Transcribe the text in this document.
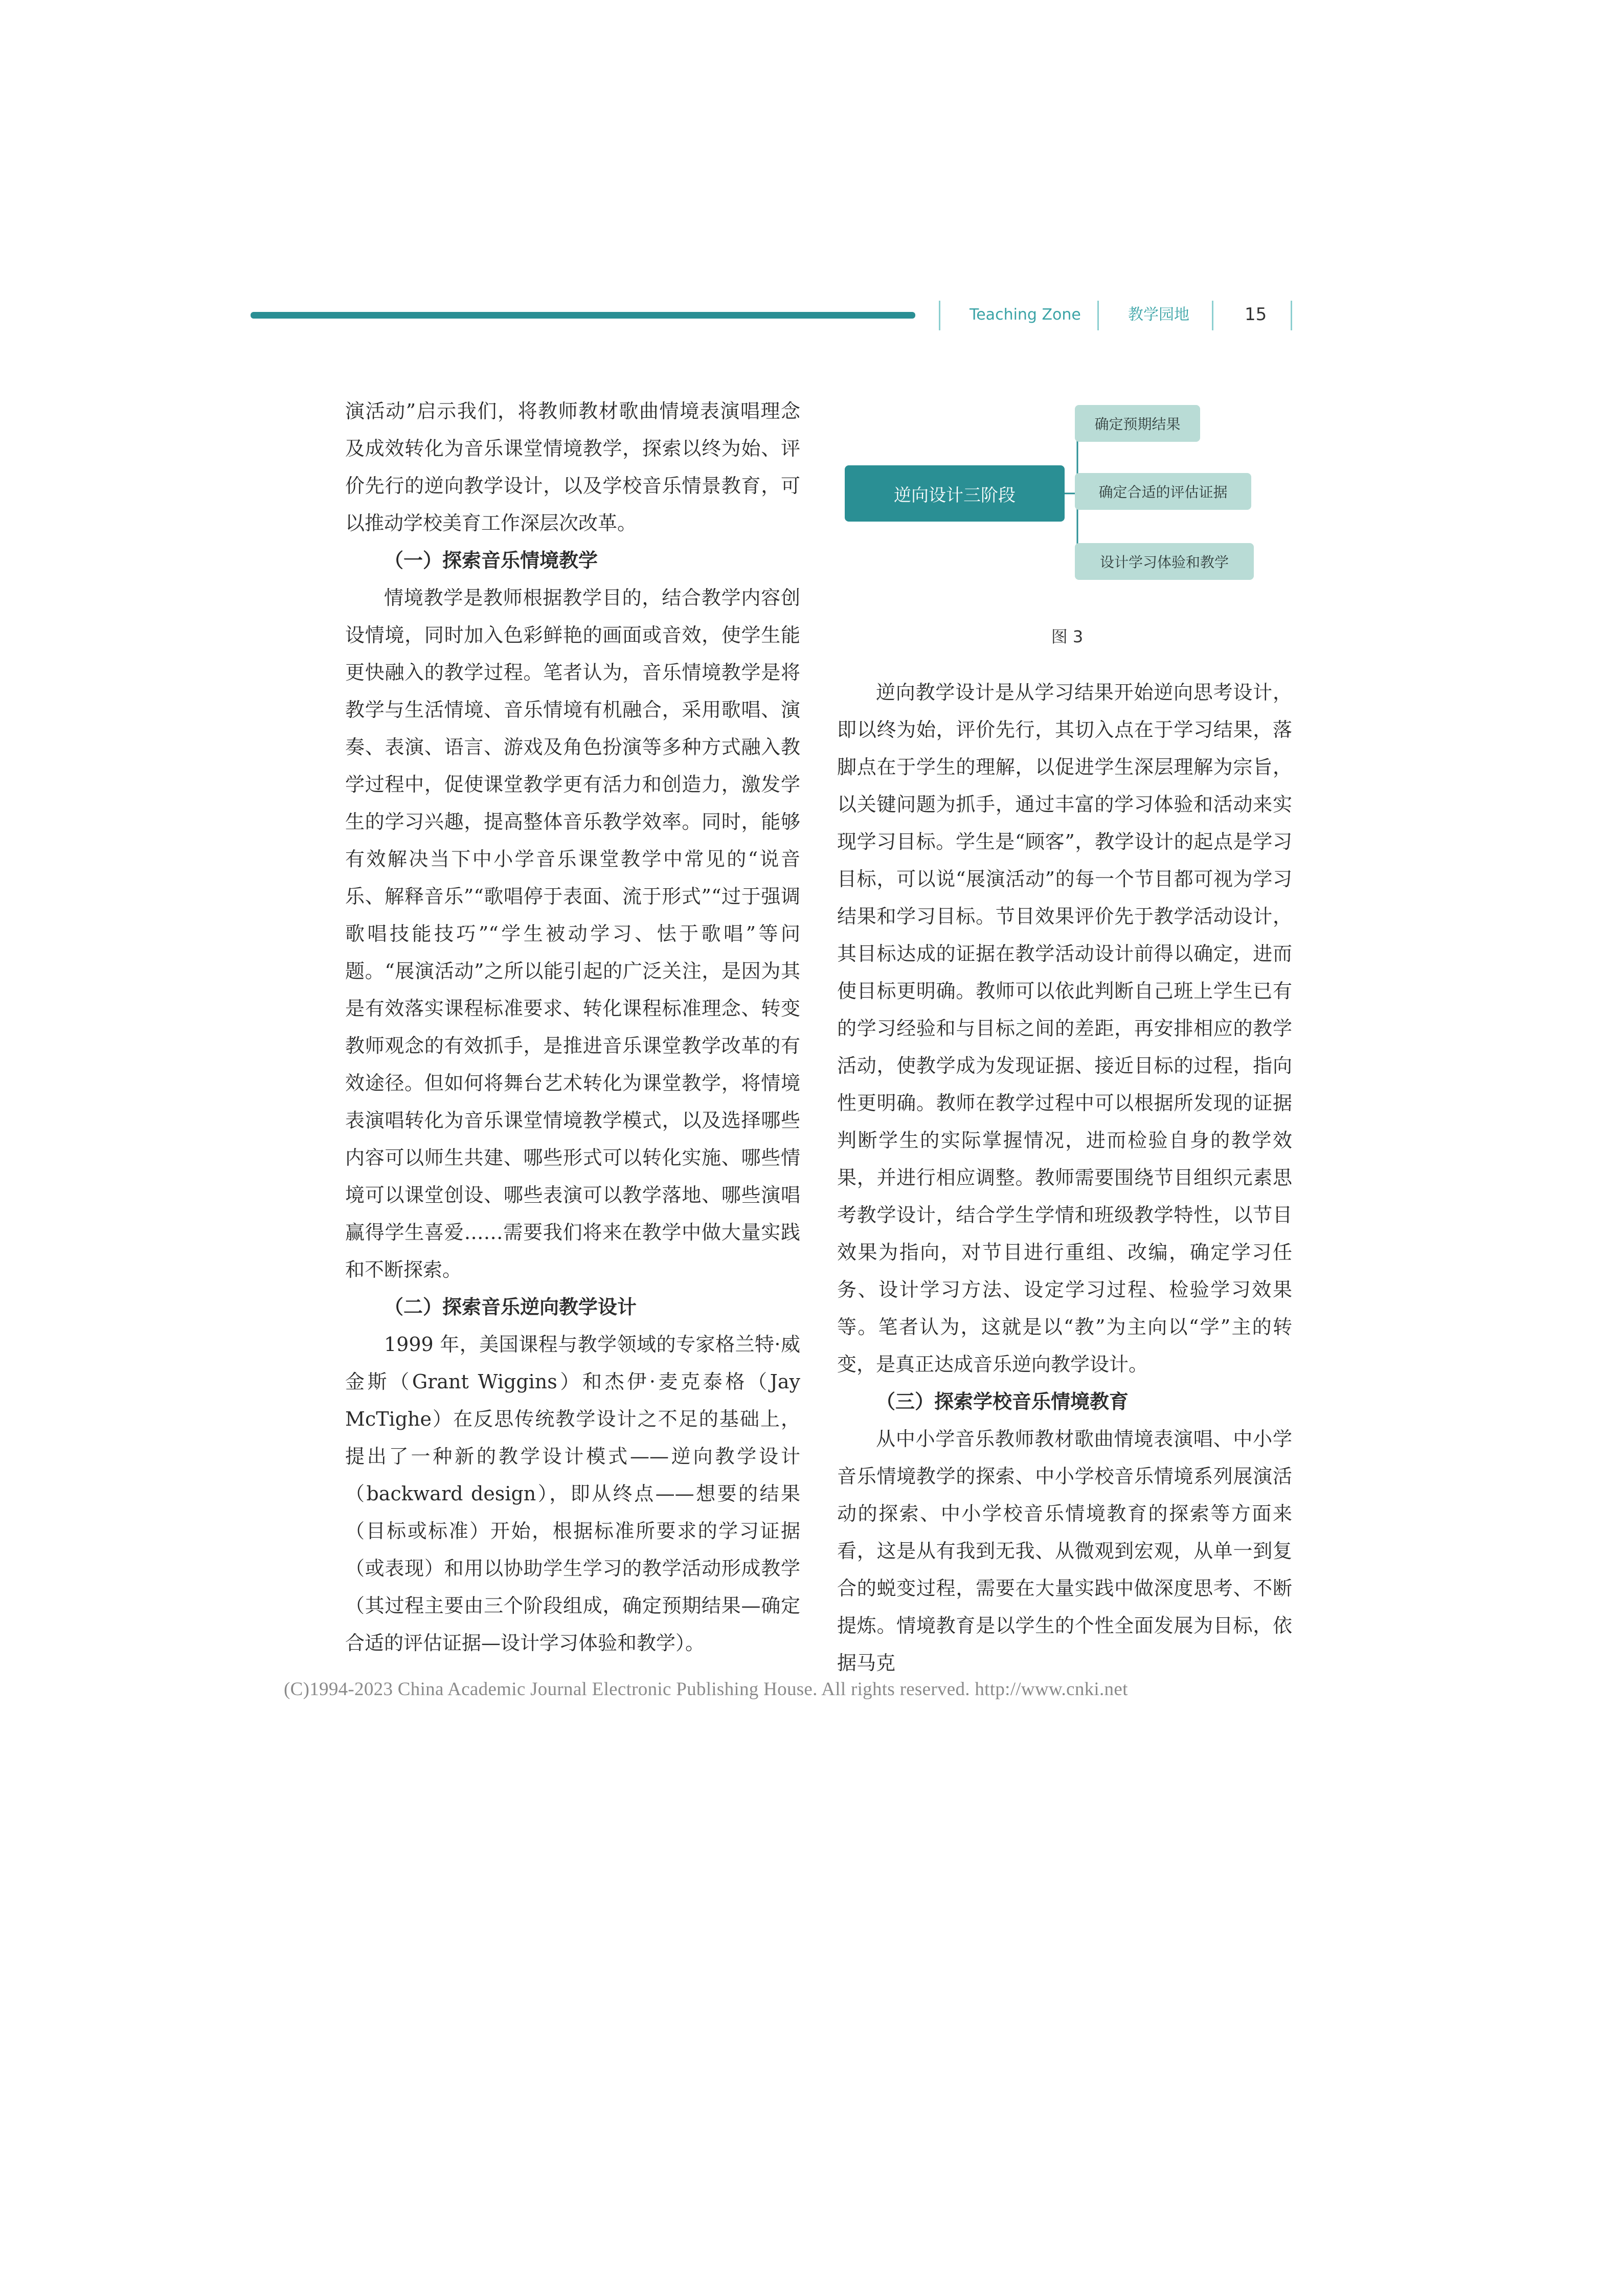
Teaching Zone	教学园地	15

演活动”启示我们，将教师教材歌曲情境表演唱理念及成效转化为音乐课堂情境教学，探索以终为始、评价先行的逆向教学设计，以及学校音乐情景教育，可以推动学校美育工作深层次改革。

（一）探索音乐情境教学

情境教学是教师根据教学目的，结合教学内容创设情境，同时加入色彩鲜艳的画面或音效，使学生能更快融入的教学过程。笔者认为，音乐情境教学是将教学与生活情境、音乐情境有机融合，采用歌唱、演奏、表演、语言、游戏及角色扮演等多种方式融入教学过程中，促使课堂教学更有活力和创造力，激发学生的学习兴趣，提高整体音乐教学效率。同时，能够有效解决当下中小学音乐课堂教学中常见的“说音乐、解释音乐”“歌唱停于表面、流于形式”“过于强调歌唱技能技巧”“学生被动学习、怯于歌唱”等问题。“展演活动”之所以能引起的广泛关注，是因为其是有效落实课程标准要求、转化课程标准理念、转变教师观念的有效抓手，是推进音乐课堂教学改革的有效途径。但如何将舞台艺术转化为课堂教学，将情境表演唱转化为音乐课堂情境教学模式，以及选择哪些内容可以师生共建、哪些形式可以转化实施、哪些情境可以课堂创设、哪些表演可以教学落地、哪些演唱赢得学生喜爱……需要我们将来在教学中做大量实践和不断探索。

（二）探索音乐逆向教学设计

1999 年，美国课程与教学领域的专家格兰特·威金斯（Grant Wiggins）和杰伊·麦克泰格（Jay McTighe）在反思传统教学设计之不足的基础上，提出了一种新的教学设计模式——逆向教学设计（backward design），即从终点——想要的结果（目标或标准）开始，根据标准所要求的学习证据（或表现）和用以协助学生学习的教学活动形成教学（其过程主要由三个阶段组成，确定预期结果—确定合适的评估证据—设计学习体验和教学）。

逆向设计三阶段
确定预期结果
确定合适的评估证据
设计学习体验和教学
图 3

逆向教学设计是从学习结果开始逆向思考设计，即以终为始，评价先行，其切入点在于学习结果，落脚点在于学生的理解，以促进学生深层理解为宗旨，以关键问题为抓手，通过丰富的学习体验和活动来实现学习目标。学生是“顾客”，教学设计的起点是学习目标，可以说“展演活动”的每一个节目都可视为学习结果和学习目标。节目效果评价先于教学活动设计，其目标达成的证据在教学活动设计前得以确定，进而使目标更明确。教师可以依此判断自己班上学生已有的学习经验和与目标之间的差距，再安排相应的教学活动，使教学成为发现证据、接近目标的过程，指向性更明确。教师在教学过程中可以根据所发现的证据判断学生的实际掌握情况，进而检验自身的教学效果，并进行相应调整。教师需要围绕节目组织元素思考教学设计，结合学生学情和班级教学特性，以节目效果为指向，对节目进行重组、改编，确定学习任务、设计学习方法、设定学习过程、检验学习效果等。笔者认为，这就是以“教”为主向以“学”主的转变，是真正达成音乐逆向教学设计。

（三）探索学校音乐情境教育

从中小学音乐教师教材歌曲情境表演唱、中小学音乐情境教学的探索、中小学校音乐情境系列展演活动的探索、中小学校音乐情境教育的探索等方面来看，这是从有我到无我、从微观到宏观，从单一到复合的蜕变过程，需要在大量实践中做深度思考、不断提炼。情境教育是以学生的个性全面发展为目标，依据马克

(C)1994-2023 China Academic Journal Electronic Publishing House. All rights reserved. http://www.cnki.net
